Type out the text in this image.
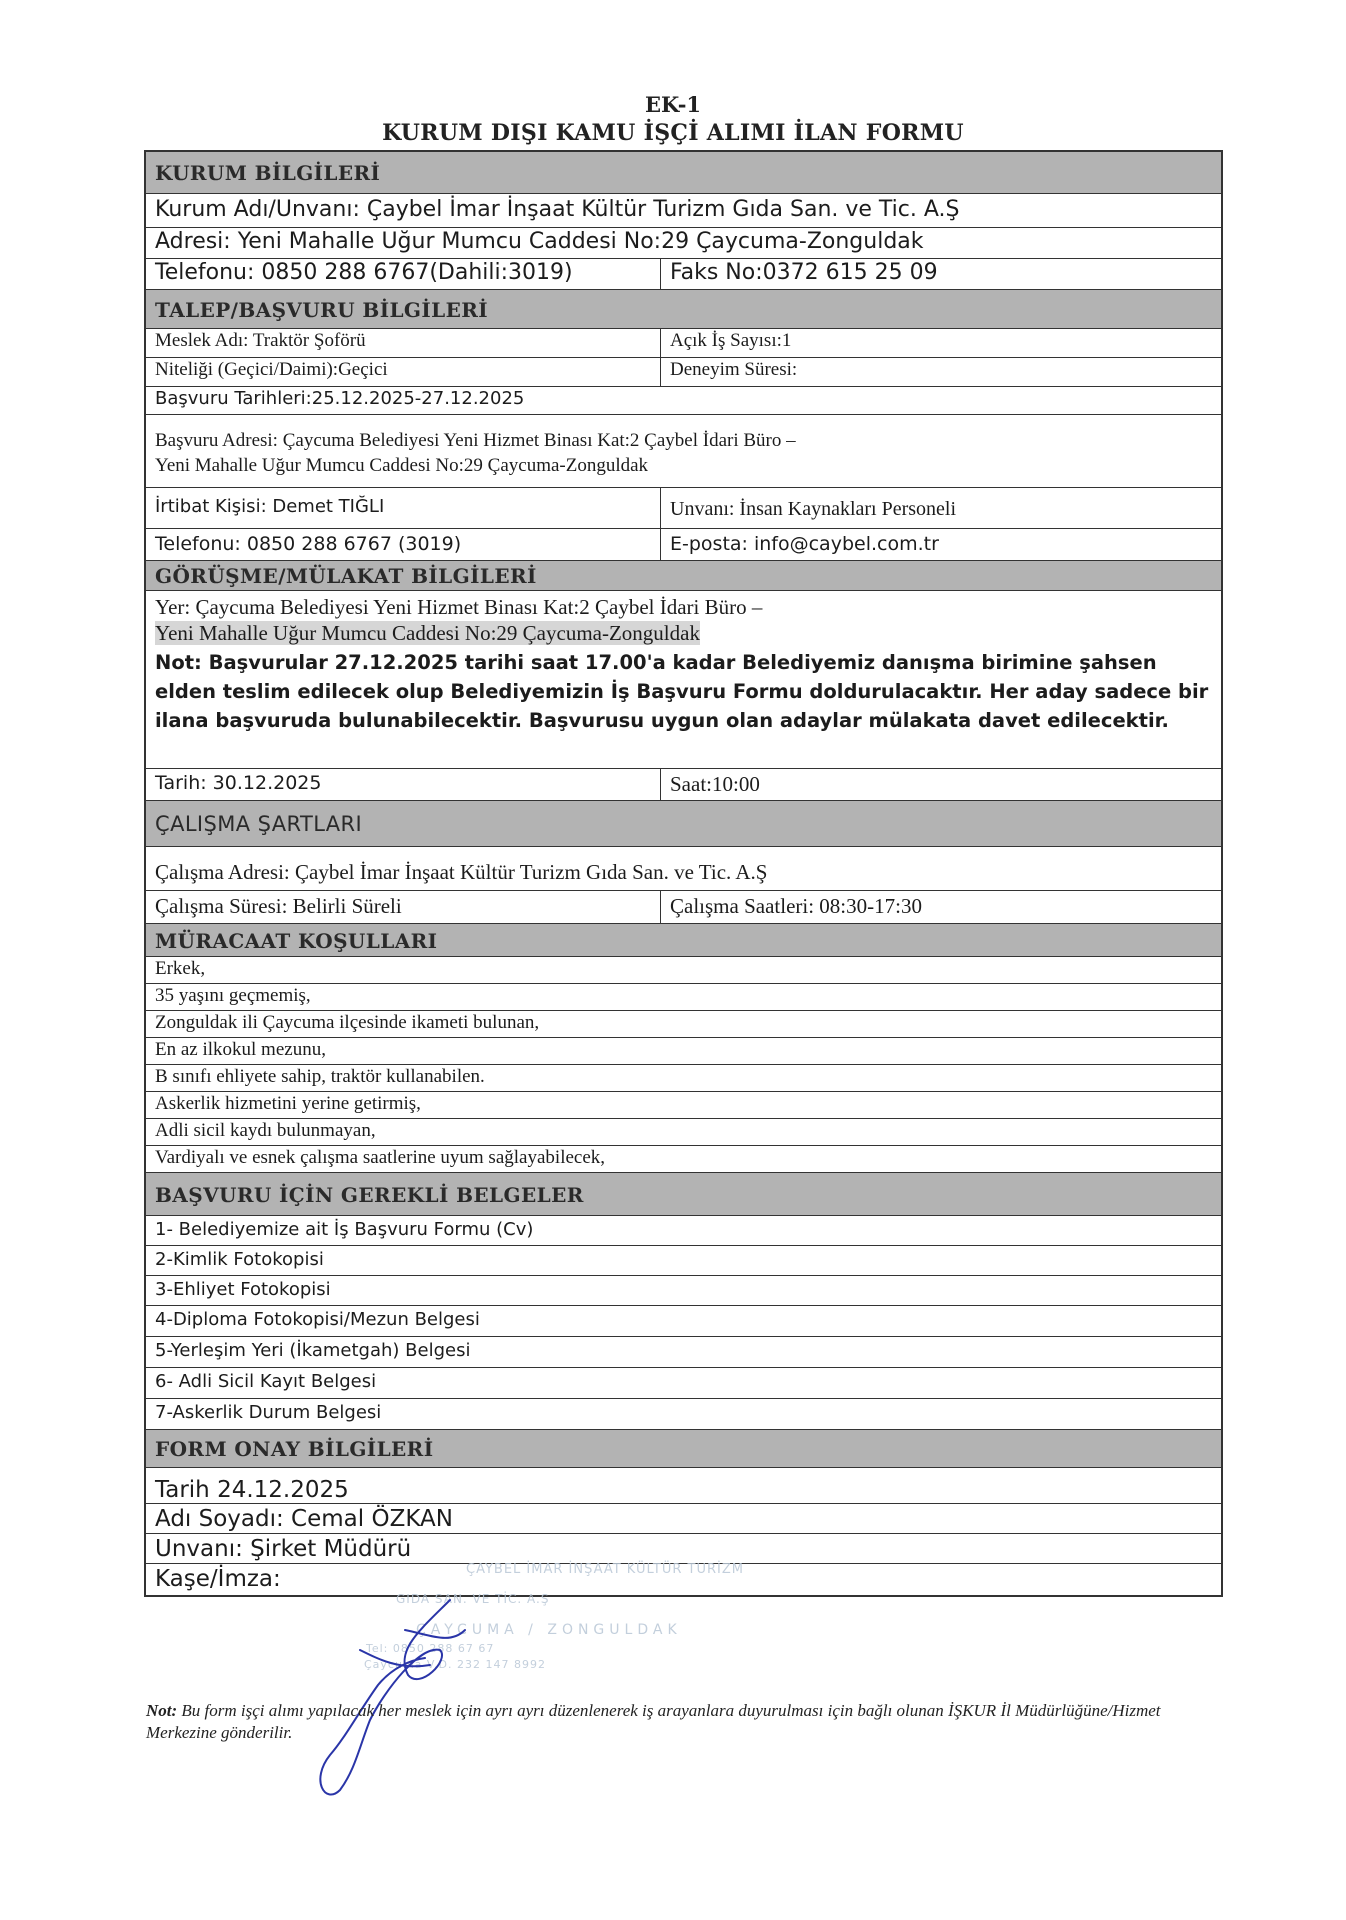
EK-1
KURUM DIŞI KAMU İŞÇİ ALIMI İLAN FORMU
KURUM BİLGİLERİ
Kurum Adı/Unvanı: Çaybel İmar İnşaat Kültür Turizm Gıda San. ve Tic. A.Ş
Adresi: Yeni Mahalle Uğur Mumcu Caddesi No:29 Çaycuma-Zonguldak
Telefonu: 0850 288 6767(Dahili:3019)	Faks No:0372 615 25 09
TALEP/BAŞVURU BİLGİLERİ
Meslek Adı: Traktör Şoförü	Açık İş Sayısı:1
Niteliği (Geçici/Daimi):Geçici	Deneyim Süresi:
Başvuru Tarihleri:25.12.2025-27.12.2025
Başvuru Adresi: Çaycuma Belediyesi Yeni Hizmet Binası Kat:2 Çaybel İdari Büro –
Yeni Mahalle Uğur Mumcu Caddesi No:29 Çaycuma-Zonguldak
İrtibat Kişisi: Demet TIĞLI	Unvanı: İnsan Kaynakları Personeli
Telefonu: 0850 288 6767 (3019)	E-posta: info@caybel.com.tr
GÖRÜŞME/MÜLAKAT BİLGİLERİ
Yer: Çaycuma Belediyesi Yeni Hizmet Binası Kat:2 Çaybel İdari Büro –
Yeni Mahalle Uğur Mumcu Caddesi No:29 Çaycuma-Zonguldak
Not: Başvurular 27.12.2025 tarihi saat 17.00'a kadar Belediyemiz danışma birimine şahsen elden teslim edilecek olup Belediyemizin İş Başvuru Formu doldurulacaktır. Her aday sadece bir ilana başvuruda bulunabilecektir. Başvurusu uygun olan adaylar mülakata davet edilecektir.
Tarih: 30.12.2025	Saat:10:00
ÇALIŞMA ŞARTLARI
Çalışma Adresi: Çaybel İmar İnşaat Kültür Turizm Gıda San. ve Tic. A.Ş
Çalışma Süresi: Belirli Süreli	Çalışma Saatleri: 08:30-17:30
MÜRACAAT KOŞULLARI
Erkek,
35 yaşını geçmemiş,
Zonguldak ili Çaycuma ilçesinde ikameti bulunan,
En az ilkokul mezunu,
B sınıfı ehliyete sahip, traktör kullanabilen.
Askerlik hizmetini yerine getirmiş,
Adli sicil kaydı bulunmayan,
Vardiyalı ve esnek çalışma saatlerine uyum sağlayabilecek,
BAŞVURU İÇİN GEREKLİ BELGELER
1- Belediyemize ait İş Başvuru Formu (Cv)
2-Kimlik Fotokopisi
3-Ehliyet Fotokopisi
4-Diploma Fotokopisi/Mezun Belgesi
5-Yerleşim Yeri (İkametgah) Belgesi
6- Adli Sicil Kayıt Belgesi
7-Askerlik Durum Belgesi
FORM ONAY BİLGİLERİ
Tarih 24.12.2025
Adı Soyadı: Cemal ÖZKAN
Unvanı: Şirket Müdürü
Kaşe/İmza:	ÇAYBEL İMAR İNŞAAT KÜLTÜR TURİZM
GIDA SAN. VE TİC. A.Ş
ÇAYCUMA / ZONGULDAK
Tel: 0850 288 67 67
Çaycuma V.D. 232 147 8992
Not: Bu form işçi alımı yapılacak her meslek için ayrı ayrı düzenlenerek iş arayanlara duyurulması için bağlı olunan İŞKUR İl Müdürlüğüne/Hizmet Merkezine gönderilir.
